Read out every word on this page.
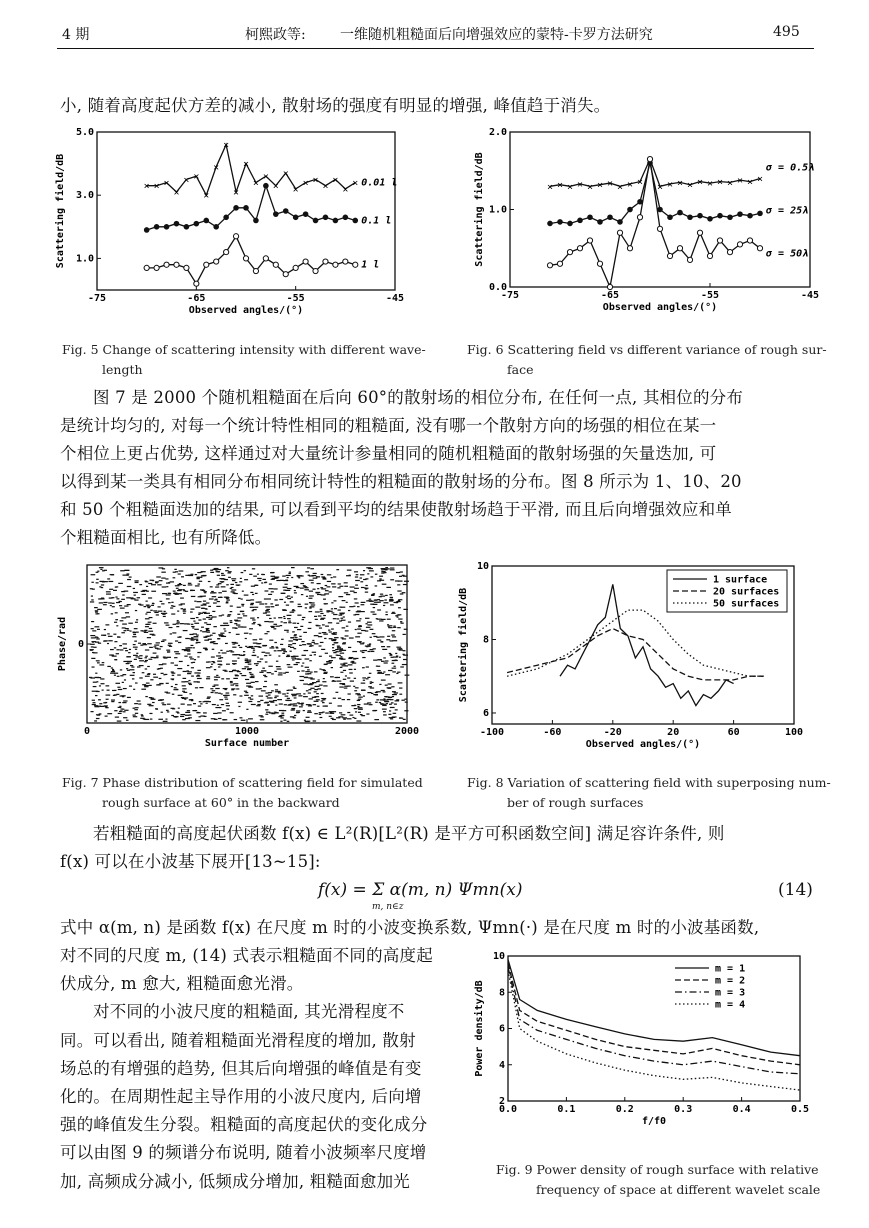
4 期	柯熙政等: 一维随机粗糙面后向增强效应的蒙特-卡罗方法研究	495
小, 随着高度起伏方差的减小, 散射场的强度有明显的增强, 峰值趋于消失。
-75	-65	-55	-45
1.0
3.0
5.0
Observed angles/(°)
Scattering field/dB	× × ×
×
× ×
×
×
×
×
×
×
×
×
×
×
× ×
×
×
×
× 0.01 l
0.1 l
1 l
Fig. 5 Change of scattering intensity with different wave-
length
-75	-65	-55	-45
0.0
1.0
2.0
Observed angles/(°)
Scattering field/dB	× × × × × × × × × × × × × × × × × × × × ×
σ = 0.5λ
σ = 25λ
σ = 50λ
Fig. 6 Scattering field vs different variance of rough sur-
face
图 7 是 2000 个随机粗糙面在后向 60°的散射场的相位分布, 在任何一点, 其相位的分布
是统计均匀的, 对每一个统计特性相同的粗糙面, 没有哪一个散射方向的场强的相位在某一
个相位上更占优势, 这样通过对大量统计参量相同的随机粗糙面的散射场强的矢量迭加, 可
以得到某一类具有相同分布相同统计特性的粗糙面的散射场的分布。图 8 所示为 1、10、20
和 50 个粗糙面迭加的结果, 可以看到平均的结果使散射场趋于平滑, 而且后向增强效应和单
个粗糙面相比, 也有所降低。
0	1000	2000
0
Surface number
Phase/rad
Fig. 7 Phase distribution of scattering field for simulated
rough surface at 60° in the backward
-100	-60	-20	20	60	100
6
8
10
Observed angles/(°)
Scattering field/dB
1 surface
20 surfaces
50 surfaces
Fig. 8 Variation of scattering field with superposing num-
ber of rough surfaces
若粗糙面的高度起伏函数 f(x) ∈ L²(R)[L²(R) 是平方可积函数空间] 满足容许条件, 则
f(x) 可以在小波基下展开[13~15]:
f(x) = Σ α(m, n) Ψmn(x)
m, n∈z
(14)
式中 α(m, n) 是函数 f(x) 在尺度 m 时的小波变换系数, Ψmn(·) 是在尺度 m 时的小波基函数,
对不同的尺度 m, (14) 式表示粗糙面不同的高度起
伏成分, m 愈大, 粗糙面愈光滑。
对不同的小波尺度的粗糙面, 其光滑程度不
同。可以看出, 随着粗糙面光滑程度的增加, 散射
场总的有增强的趋势, 但其后向增强的峰值是有变
化的。在周期性起主导作用的小波尺度内, 后向增
强的峰值发生分裂。粗糙面的高度起伏的变化成分
可以由图 9 的频谱分布说明, 随着小波频率尺度增
加, 高频成分减小, 低频成分增加, 粗糙面愈加光
0.0	0.1	0.2	0.3	0.4	0.5
2
4
6
8
10
f/f0
Power density/dB
m = 1
m = 2
m = 3
m = 4
Fig. 9 Power density of rough surface with relative
frequency of space at different wavelet scale
